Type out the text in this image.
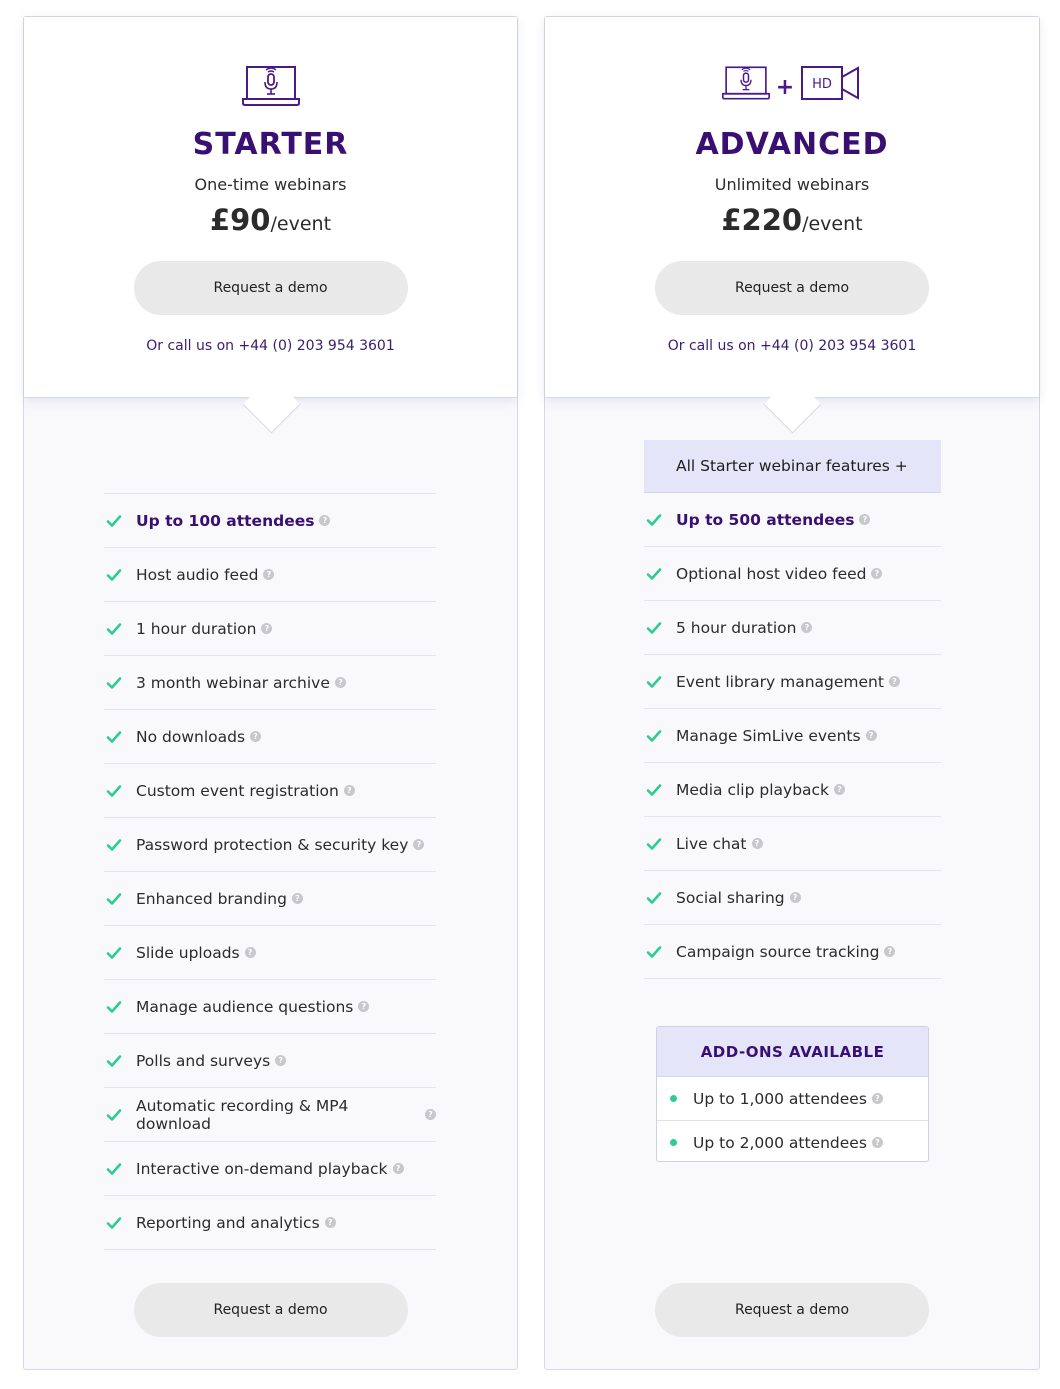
STARTER
One-time webinars
£90/event
Request a demo
Or call us on +44 (0) 203 954 3601
Up to 100 attendees	?
Host audio feed	?
1 hour duration	?
3 month webinar archive	?
No downloads	?
Custom event registration	?
Password protection & security key	?
Enhanced branding	?
Slide uploads	?
Manage audience questions	?
Polls and surveys	?
Automatic recording & MP4 download	?
Interactive on-demand playback	?
Reporting and analytics	?
Request a demo
+ HD
ADVANCED
Unlimited webinars
£220/event
Request a demo
Or call us on +44 (0) 203 954 3601
All Starter webinar features +
Up to 500 attendees	?
Optional host video feed	?
5 hour duration	?
Event library management	?
Manage SimLive events	?
Media clip playback	?
Live chat	?
Social sharing	?
Campaign source tracking	?
ADD-ONS AVAILABLE
Up to 1,000 attendees	?
Up to 2,000 attendees	?
Request a demo
